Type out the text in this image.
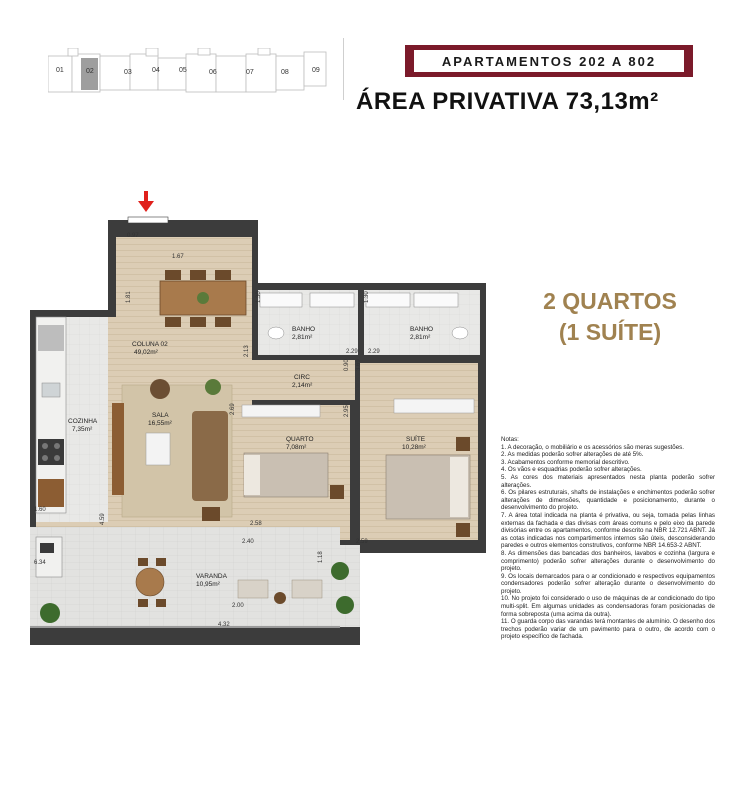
01	02	03	04	05	06	07	08	09
APARTAMENTOS 202 A 802
ÁREA PRIVATIVA 73,13m²
2 QUARTOS
(1 SUÍTE)
COLUNA 02
49,02m²
SALA
16,55m²
COZINHA
7,35m²
CIRC
2,14m²
BANHO
2,81m²
BANHO
2,81m²
QUARTO
7,08m²
SUÍTE
10,28m²
VARANDA
10,95m²
0.97
1.67
1.81	1.30	1.30
2.29 2.29
2.13
0.90 3.69
2.69	2.95
1.60
4.59	2.58
2.40	2.59
6.34	1.18
2.00
4.32
Notas:
1. A decoração, o mobiliário e os acessórios são meras sugestões.
2. As medidas poderão sofrer alterações de até 5%.
3. Acabamentos conforme memorial descritivo.
4. Os vãos e esquadrias poderão sofrer alterações.
5. As cores dos materiais apresentados nesta planta poderão sofrer alterações.
6. Os pilares estruturais, shafts de instalações e enchimentos poderão sofrer alterações de dimensões, quantidade e posicionamento, durante o desenvolvimento do projeto.
7. A área total indicada na planta é privativa, ou seja, tomada pelas linhas externas da fachada e das divisas com áreas comuns e pelo eixo da parede divisórias entre os apartamentos, conforme descrito na NBR 12.721 ABNT. Já as cotas indicadas nos compartimentos internos são úteis, desconsiderando paredes e outros elementos construtivos, conforme NBR 14.653-2 ABNT.
8. As dimensões das bancadas dos banheiros, lavabos e cozinha (largura e comprimento) poderão sofrer alterações durante o desenvolvimento do projeto.
9. Os locais demarcados para o ar condicionado e respectivos equipamentos condensadores poderão sofrer alteração durante o desenvolvimento do projeto.
10. No projeto foi considerado o uso de máquinas de ar condicionado do tipo multi-split. Em algumas unidades as condensadoras foram posicionadas de forma sobreposta (uma acima da outra).
11. O guarda corpo das varandas terá montantes de alumínio. O desenho dos trechos poderão variar de um pavimento para o outro, de acordo com o projeto específico de fachada.
